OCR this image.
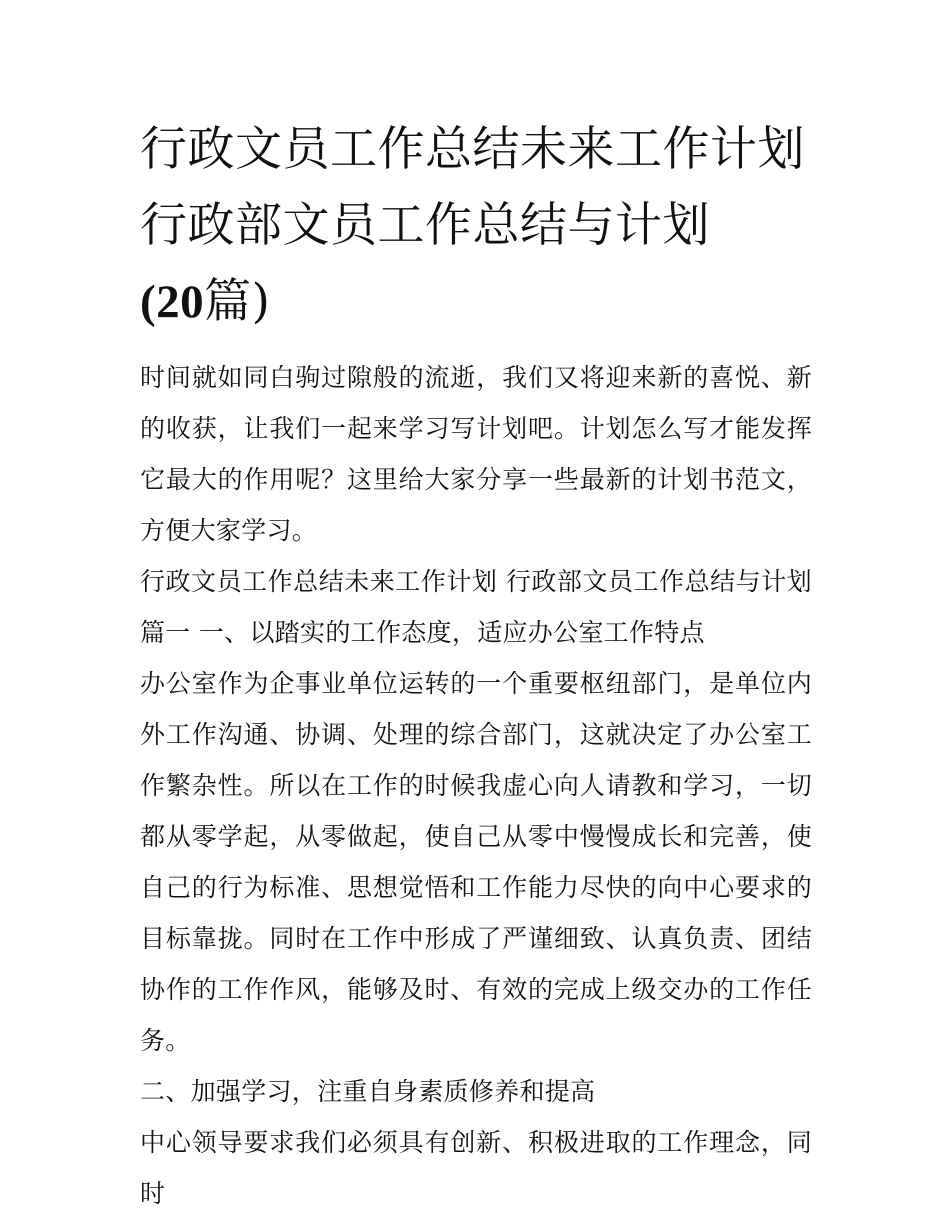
行政文员工作总结未来工作计划 行政部文员工作总结与计划
(20篇)

时间就如同白驹过隙般的流逝，我们又将迎来新的喜悦、新的收获，让我们一起来学习写计划吧。计划怎么写才能发挥它最大的作用呢？这里给大家分享一些最新的计划书范文，方便大家学习。

行政文员工作总结未来工作计划 行政部文员工作总结与计划篇一 一、以踏实的工作态度，适应办公室工作特点

办公室作为企事业单位运转的一个重要枢纽部门，是单位内外工作沟通、协调、处理的综合部门，这就决定了办公室工作繁杂性。所以在工作的时候我虚心向人请教和学习，一切都从零学起，从零做起，使自己从零中慢慢成长和完善，使自己的行为标准、思想觉悟和工作能力尽快的向中心要求的目标靠拢。同时在工作中形成了严谨细致、认真负责、团结协作的工作作风，能够及时、有效的完成上级交办的工作任务。

二、加强学习，注重自身素质修养和提高

中心领导要求我们必须具有创新、积极进取的工作理念，同时
